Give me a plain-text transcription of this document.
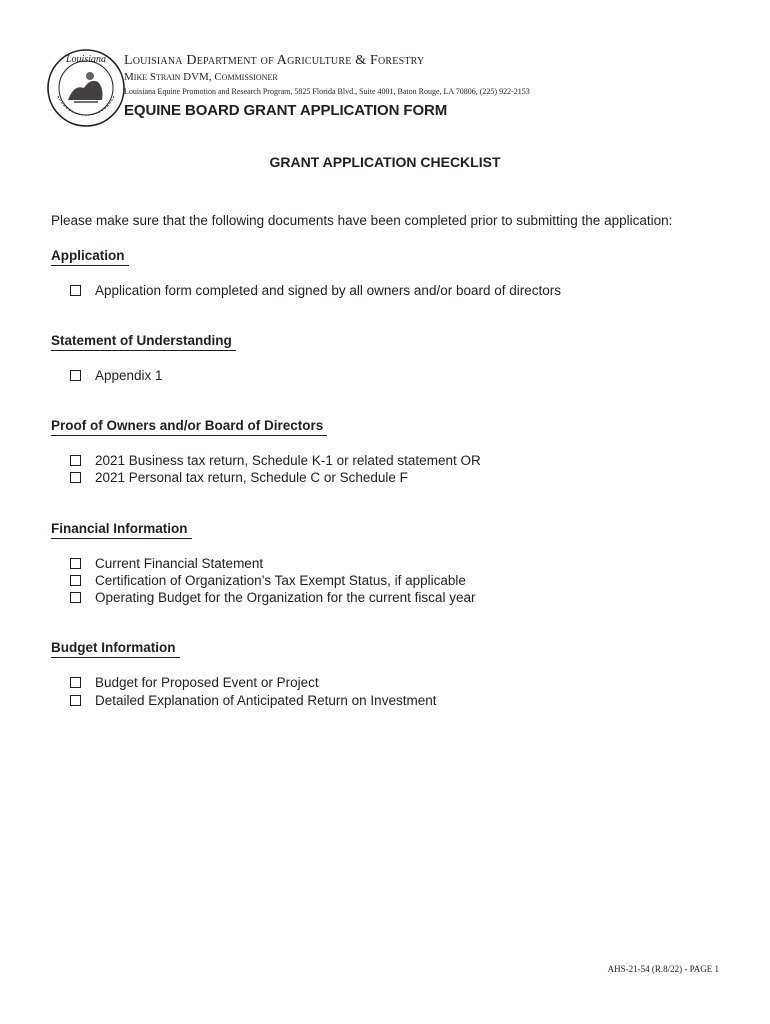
Louisiana Louisiana Department of Agriculture & Forestry
Mike Strain DVM, Commissioner
Louisiana Equine Promotion and Research Program, 5825 Florida Blvd., Suite 4001, Baton Rouge, LA 70806, (225) 922-2153
EQUINE BOARD GRANT APPLICATION FORM
GRANT APPLICATION CHECKLIST
Please make sure that the following documents have been completed prior to submitting the application:
Application
Application form completed and signed by all owners and/or board of directors
Statement of Understanding
Appendix 1
Proof of Owners and/or Board of Directors
2021 Business tax return, Schedule K-1 or related statement OR
2021 Personal tax return, Schedule C or Schedule F
Financial Information
Current Financial Statement
Certification of Organization’s Tax Exempt Status, if applicable
Operating Budget for the Organization for the current fiscal year
Budget Information
Budget for Proposed Event or Project
Detailed Explanation of Anticipated Return on Investment
AHS-21-54 (R.8/22) - PAGE 1
